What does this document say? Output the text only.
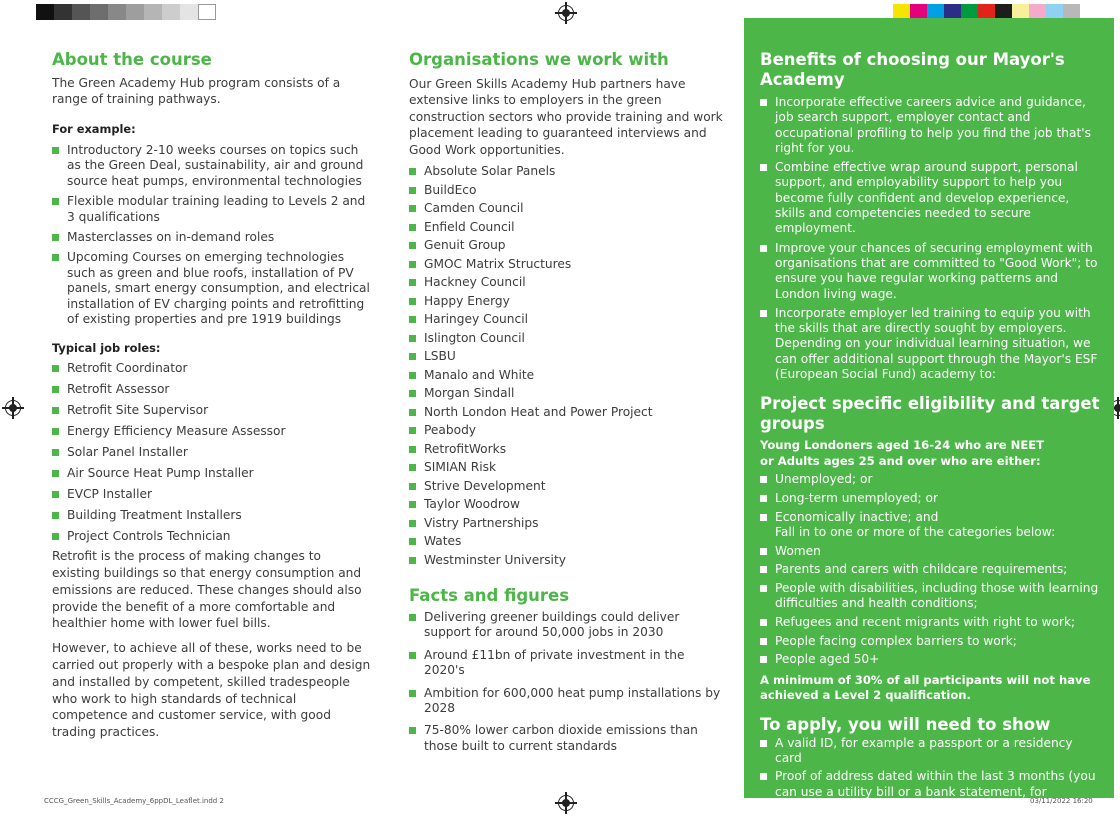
About the course

The Green Academy Hub program consists of a range of training pathways.

For example:

Introductory 2-10 weeks courses on topics such as the Green Deal, sustainability, air and ground source heat pumps, environmental technologies
Flexible modular training leading to Levels 2 and 3 qualifications
Masterclasses on in-demand roles
Upcoming Courses on emerging technologies such as green and blue roofs, installation of PV panels, smart energy consumption, and electrical installation of EV charging points and retrofitting of existing properties and pre 1919 buildings

Typical job roles:

Retrofit Coordinator
Retrofit Assessor
Retrofit Site Supervisor
Energy Efficiency Measure Assessor
Solar Panel Installer
Air Source Heat Pump Installer
EVCP Installer
Building Treatment Installers
Project Controls Technician

Retrofit is the process of making changes to existing buildings so that energy consumption and emissions are reduced. These changes should also provide the benefit of a more comfortable and healthier home with lower fuel bills.

However, to achieve all of these, works need to be carried out properly with a bespoke plan and design and installed by competent, skilled tradespeople who work to high standards of technical competence and customer service, with good trading practices.

Organisations we work with

Our Green Skills Academy Hub partners have extensive links to employers in the green construction sectors who provide training and work placement leading to guaranteed interviews and Good Work opportunities.

Absolute Solar Panels
BuildEco
Camden Council
Enfield Council
Genuit Group
GMOC Matrix Structures
Hackney Council
Happy Energy
Haringey Council
Islington Council
LSBU
Manalo and White
Morgan Sindall
North London Heat and Power Project
Peabody
RetrofitWorks
SIMIAN Risk
Strive Development
Taylor Woodrow
Vistry Partnerships
Wates
Westminster University
Facts and figures
Delivering greener buildings could deliver support for around 50,000 jobs in 2030
Around £11bn of private investment in the 2020's
Ambition for 600,000 heat pump installations by 2028
75-80% lower carbon dioxide emissions than those built to current standards
Benefits of choosing our Mayor's Academy
Incorporate effective careers advice and guidance, job search support, employer contact and occupational profiling to help you find the job that's right for you.
Combine effective wrap around support, personal support, and employability support to help you become fully confident and develop experience, skills and competencies needed to secure employment.
Improve your chances of securing employment with organisations that are committed to "Good Work"; to ensure you have regular working patterns and London living wage.
Incorporate employer led training to equip you with the skills that are directly sought by employers. Depending on your individual learning situation, we can offer additional support through the Mayor's ESF (European Social Fund) academy to:
Project specific eligibility and target groups
Young Londoners aged 16-24 who are NEET
or Adults ages 25 and over who are either:
Unemployed; or
Long-term unemployed; or
Economically inactive; and
Fall in to one or more of the categories below:
Women
Parents and carers with childcare requirements;
People with disabilities, including those with learning difficulties and health conditions;
Refugees and recent migrants with right to work;
People facing complex barriers to work;
People aged 50+
A minimum of 30% of all participants will not have achieved a Level 2 qualification.
To apply, you will need to show
A valid ID, for example a passport or a residency card
Proof of address dated within the last 3 months (you can use a utility bill or a bank statement, for example)
Proof of JSA, IS, UC or ESA or proof of salary
CCCG_Green_Skills_Academy_6ppDL_Leaflet.indd 2	03/11/2022 16:20
